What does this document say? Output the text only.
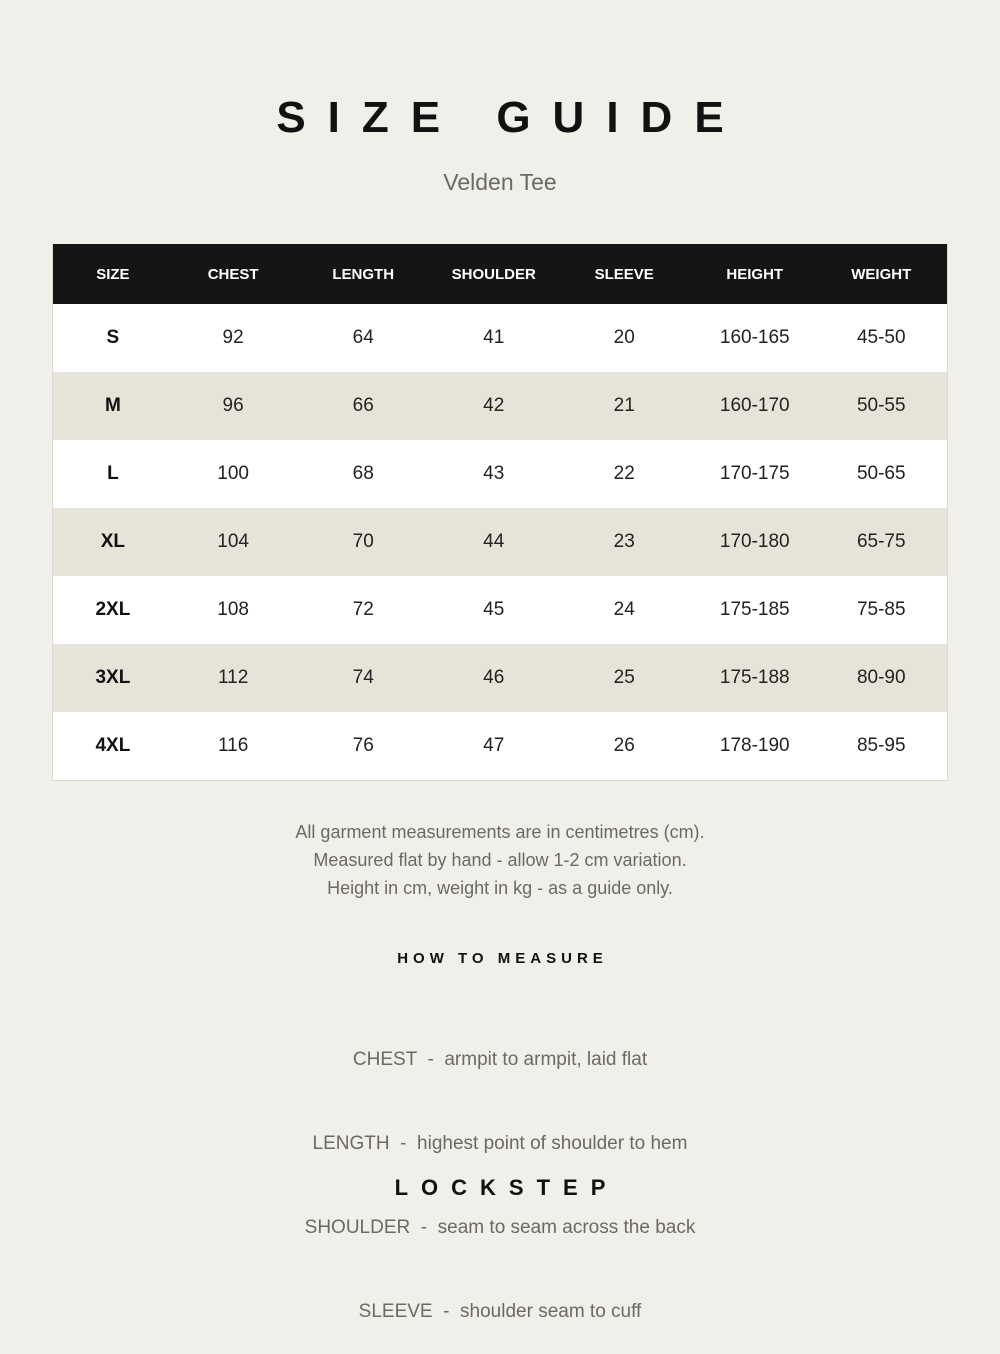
SIZE GUIDE
Velden Tee
SIZE	CHEST	LENGTH	SHOULDER	SLEEVE	HEIGHT	WEIGHT
S	92	64	41	20	160-165	45-50
M	96	66	42	21	160-170	50-55
L	100	68	43	22	170-175	50-65
XL	104	70	44	23	170-180	65-75
2XL	108	72	45	24	175-185	75-85
3XL	112	74	46	25	175-188	80-90
4XL	116	76	47	26	178-190	85-95
All garment measurements are in centimetres (cm).
Measured flat by hand - allow 1-2 cm variation.
Height in cm, weight in kg - as a guide only.
HOW TO MEASURE

CHEST  -  armpit to armpit, laid flat

LENGTH  -  highest point of shoulder to hem

SHOULDER  -  seam to seam across the back

SLEEVE  -  shoulder seam to cuff

LOCKSTEP
